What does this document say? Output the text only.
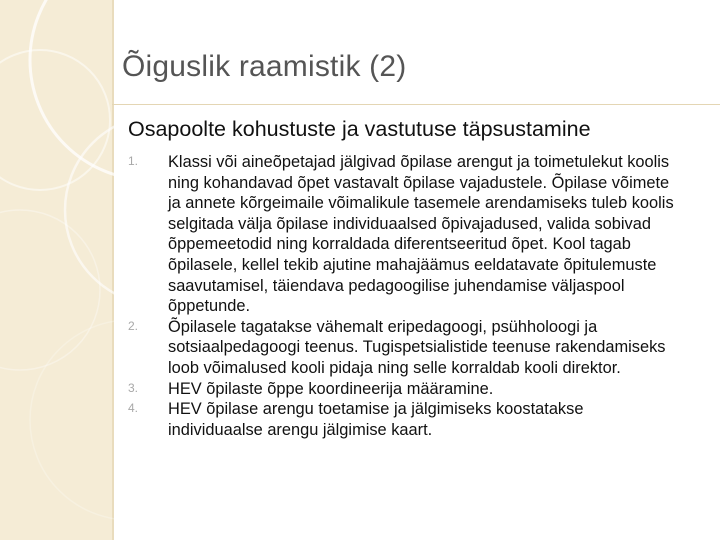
Õiguslik raamistik (2)

Osapoolte kohustuste ja vastutuse täpsustamine

1. Klassi või aineõpetajad jälgivad õpilase arengut ja toimetulekut koolis ning kohandavad õpet vastavalt õpilase vajadustele. Õpilase võimete ja annete kõrgeimaile võimalikule tasemele arendamiseks tuleb koolis selgitada välja õpilase individuaalsed õpivajadused, valida sobivad õppemeetodid ning korraldada diferentseeritud õpet. Kool tagab õpilasele, kellel tekib ajutine mahajäämus eeldatavate õpitulemuste saavutamisel, täiendava pedagoogilise juhendamise väljaspool õppetunde.
2. Õpilasele tagatakse vähemalt eripedagoogi, psühholoogi ja sotsiaalpedagoogi teenus. Tugispetsialistide teenuse rakendamiseks loob võimalused kooli pidaja ning selle korraldab kooli direktor.
3. HEV õpilaste õppe koordineerija määramine.
4. HEV õpilase arengu toetamise ja jälgimiseks koostatakse individuaalse arengu jälgimise kaart.
